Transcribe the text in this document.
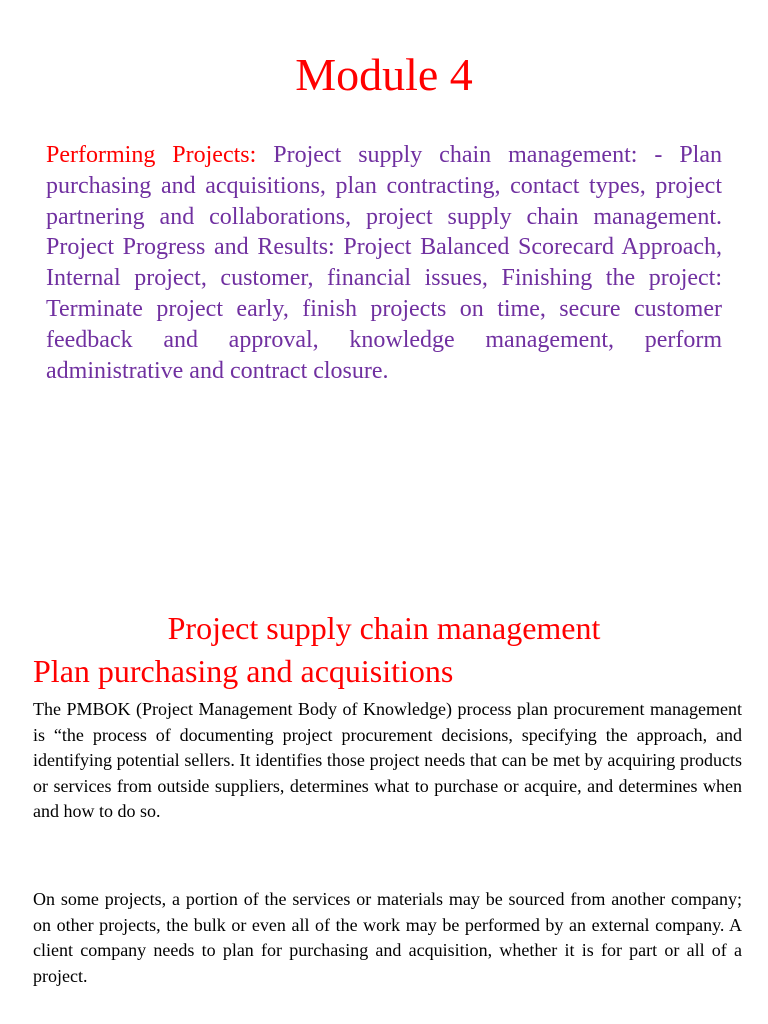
Module 4

Performing Projects: Project supply chain management: - Plan purchasing and acquisitions, plan contracting, contact types, project partnering and collaborations, project supply chain management. Project Progress and Results: Project Balanced Scorecard Approach, Internal project, customer, financial issues, Finishing the project: Terminate project early, finish projects on time, secure customer feedback and approval, knowledge management, perform administrative and contract closure.

Project supply chain management
Plan purchasing and acquisitions

The PMBOK (Project Management Body of Knowledge) process plan procurement management is “the process of documenting project procurement decisions, specifying the approach, and identifying potential sellers. It identifies those project needs that can be met by acquiring products or services from outside suppliers, determines what to purchase or acquire, and determines when and how to do so.

On some projects, a portion of the services or materials may be sourced from another company; on other projects, the bulk or even all of the work may be performed by an external company. A client company needs to plan for purchasing and acquisition, whether it is for part or all of a project.
